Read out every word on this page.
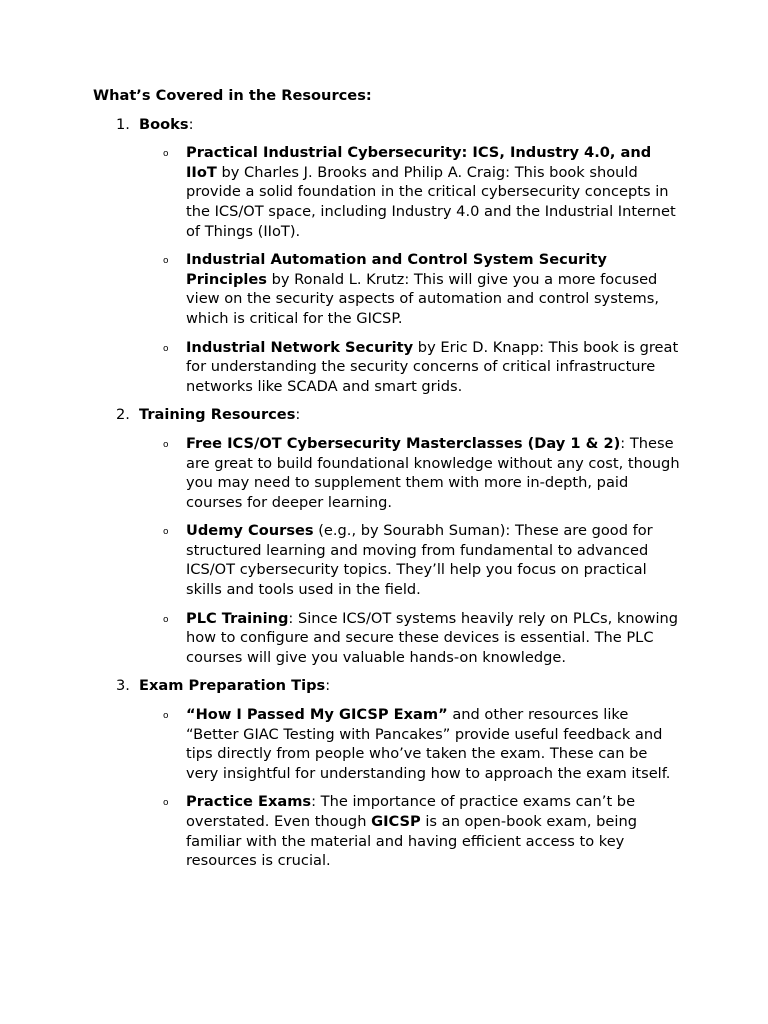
What’s Covered in the Resources:
1. Books:
o Practical Industrial Cybersecurity: ICS, Industry 4.0, and IIoT by Charles J. Brooks and Philip A. Craig: This book should provide a solid foundation in the critical cybersecurity concepts in the ICS/OT space, including Industry 4.0 and the Industrial Internet of Things (IIoT).
o Industrial Automation and Control System Security Principles by Ronald L. Krutz: This will give you a more focused view on the security aspects of automation and control systems, which is critical for the GICSP.
o Industrial Network Security by Eric D. Knapp: This book is great for understanding the security concerns of critical infrastructure networks like SCADA and smart grids.
2. Training Resources:
o Free ICS/OT Cybersecurity Masterclasses (Day 1 & 2): These are great to build foundational knowledge without any cost, though you may need to supplement them with more in-depth, paid courses for deeper learning.
o Udemy Courses (e.g., by Sourabh Suman): These are good for structured learning and moving from fundamental to advanced ICS/OT cybersecurity topics. They’ll help you focus on practical skills and tools used in the field.
o PLC Training: Since ICS/OT systems heavily rely on PLCs, knowing how to configure and secure these devices is essential. The PLC courses will give you valuable hands-on knowledge.
3. Exam Preparation Tips:
o “How I Passed My GICSP Exam” and other resources like “Better GIAC Testing with Pancakes” provide useful feedback and tips directly from people who’ve taken the exam. These can be very insightful for understanding how to approach the exam itself.
o Practice Exams: The importance of practice exams can’t be overstated. Even though GICSP is an open-book exam, being familiar with the material and having efficient access to key resources is crucial.
